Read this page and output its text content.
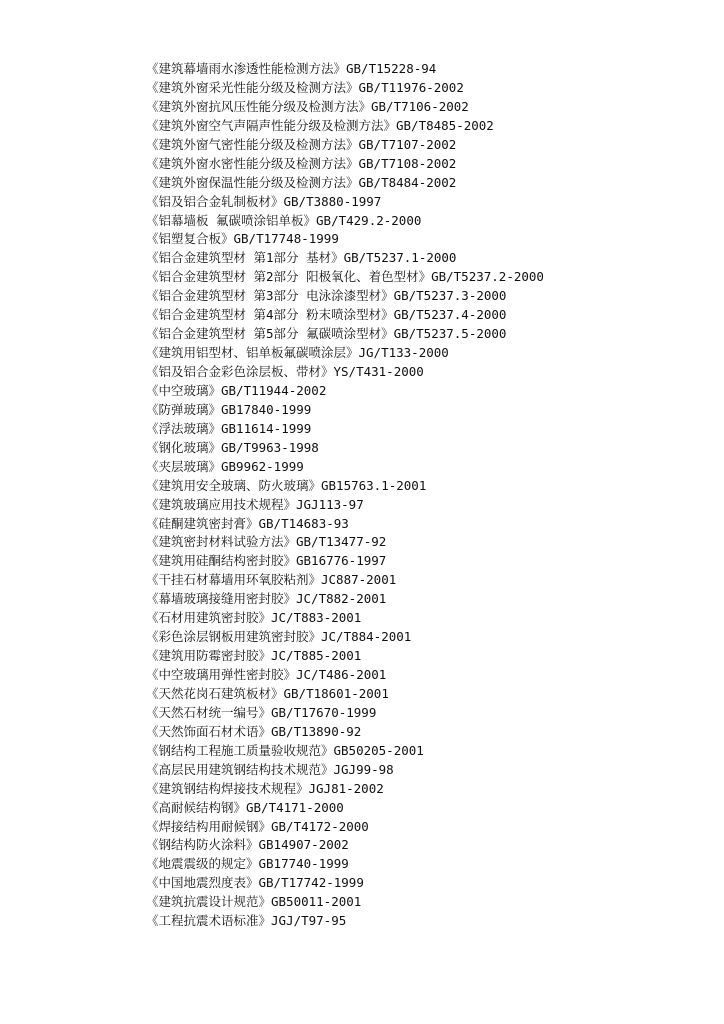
《建筑幕墙雨水渗透性能检测方法》GB/T15228-94
《建筑外窗采光性能分级及检测方法》GB/T11976-2002
《建筑外窗抗风压性能分级及检测方法》GB/T7106-2002
《建筑外窗空气声隔声性能分级及检测方法》GB/T8485-2002
《建筑外窗气密性能分级及检测方法》GB/T7107-2002
《建筑外窗水密性能分级及检测方法》GB/T7108-2002
《建筑外窗保温性能分级及检测方法》GB/T8484-2002
《铝及铝合金轧制板材》GB/T3880-1997
《铝幕墙板 氟碳喷涂铝单板》GB/T429.2-2000
《铝塑复合板》GB/T17748-1999
《铝合金建筑型材 第1部分 基材》GB/T5237.1-2000
《铝合金建筑型材 第2部分 阳极氧化、着色型材》GB/T5237.2-2000
《铝合金建筑型材 第3部分 电泳涂漆型材》GB/T5237.3-2000
《铝合金建筑型材 第4部分 粉末喷涂型材》GB/T5237.4-2000
《铝合金建筑型材 第5部分 氟碳喷涂型材》GB/T5237.5-2000
《建筑用铝型材、铝单板氟碳喷涂层》JG/T133-2000
《铝及铝合金彩色涂层板、带材》YS/T431-2000
《中空玻璃》GB/T11944-2002
《防弹玻璃》GB17840-1999
《浮法玻璃》GB11614-1999
《钢化玻璃》GB/T9963-1998
《夹层玻璃》GB9962-1999
《建筑用安全玻璃、防火玻璃》GB15763.1-2001
《建筑玻璃应用技术规程》JGJ113-97
《硅酮建筑密封膏》GB/T14683-93
《建筑密封材料试验方法》GB/T13477-92
《建筑用硅酮结构密封胶》GB16776-1997
《干挂石材幕墙用环氧胶粘剂》JC887-2001
《幕墙玻璃接缝用密封胶》JC/T882-2001
《石材用建筑密封胶》JC/T883-2001
《彩色涂层钢板用建筑密封胶》JC/T884-2001
《建筑用防霉密封胶》JC/T885-2001
《中空玻璃用弹性密封胶》JC/T486-2001
《天然花岗石建筑板材》GB/T18601-2001
《天然石材统一编号》GB/T17670-1999
《天然饰面石材术语》GB/T13890-92
《钢结构工程施工质量验收规范》GB50205-2001
《高层民用建筑钢结构技术规范》JGJ99-98
《建筑钢结构焊接技术规程》JGJ81-2002
《高耐候结构钢》GB/T4171-2000
《焊接结构用耐候钢》GB/T4172-2000
《钢结构防火涂料》GB14907-2002
《地震震级的规定》GB17740-1999
《中国地震烈度表》GB/T17742-1999
《建筑抗震设计规范》GB50011-2001
《工程抗震术语标准》JGJ/T97-95
